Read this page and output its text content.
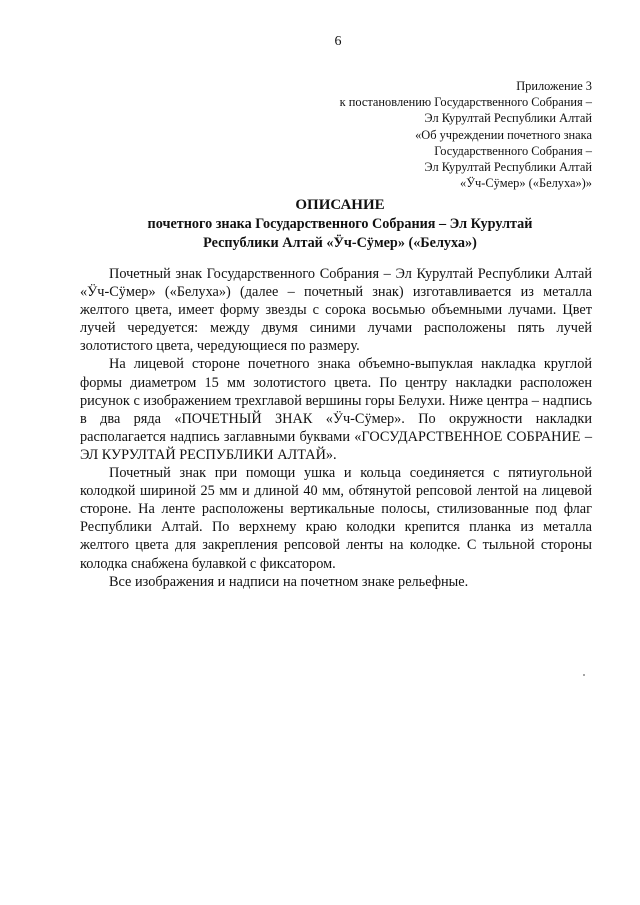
6
Приложение 3
к постановлению Государственного Собрания –
Эл Курултай Республики Алтай
«Об учреждении почетного знака
Государственного Собрания –
Эл Курултай Республики Алтай
«Ӱч-Сӱмер» («Белуха»)»
ОПИСАНИЕ
почетного знака Государственного Собрания – Эл Курултай
Республики Алтай «Ӱч-Сӱмер» («Белуха»)

Почетный знак Государственного Собрания – Эл Курултай Республики Алтай «Ӱч-Сӱмер» («Белуха») (далее – почетный знак) изготавливается из металла желтого цвета, имеет форму звезды с сорока восьмью объемными лучами. Цвет лучей чередуется: между двумя синими лучами расположены пять лучей золотистого цвета, чередующиеся по размеру.

На лицевой стороне почетного знака объемно-выпуклая накладка круглой формы диаметром 15 мм золотистого цвета. По центру накладки расположен рисунок с изображением трехглавой вершины горы Белухи. Ниже центра – надпись в два ряда «ПОЧЕТНЫЙ ЗНАК «Ӱч-Сӱмер». По окружности накладки располагается надпись заглавными буквами «ГОСУДАРСТВЕННОЕ СОБРАНИЕ – ЭЛ КУРУЛТАЙ РЕСПУБЛИКИ АЛТАЙ».

Почетный знак при помощи ушка и кольца соединяется с пятиугольной колодкой шириной 25 мм и длиной 40 мм, обтянутой репсовой лентой на лицевой стороне. На ленте расположены вертикальные полосы, стилизованные под флаг Республики Алтай. По верхнему краю колодки крепится планка из металла желтого цвета для закрепления репсовой ленты на колодке. С тыльной стороны колодка снабжена булавкой с фиксатором.

Все изображения и надписи на почетном знаке рельефные.
